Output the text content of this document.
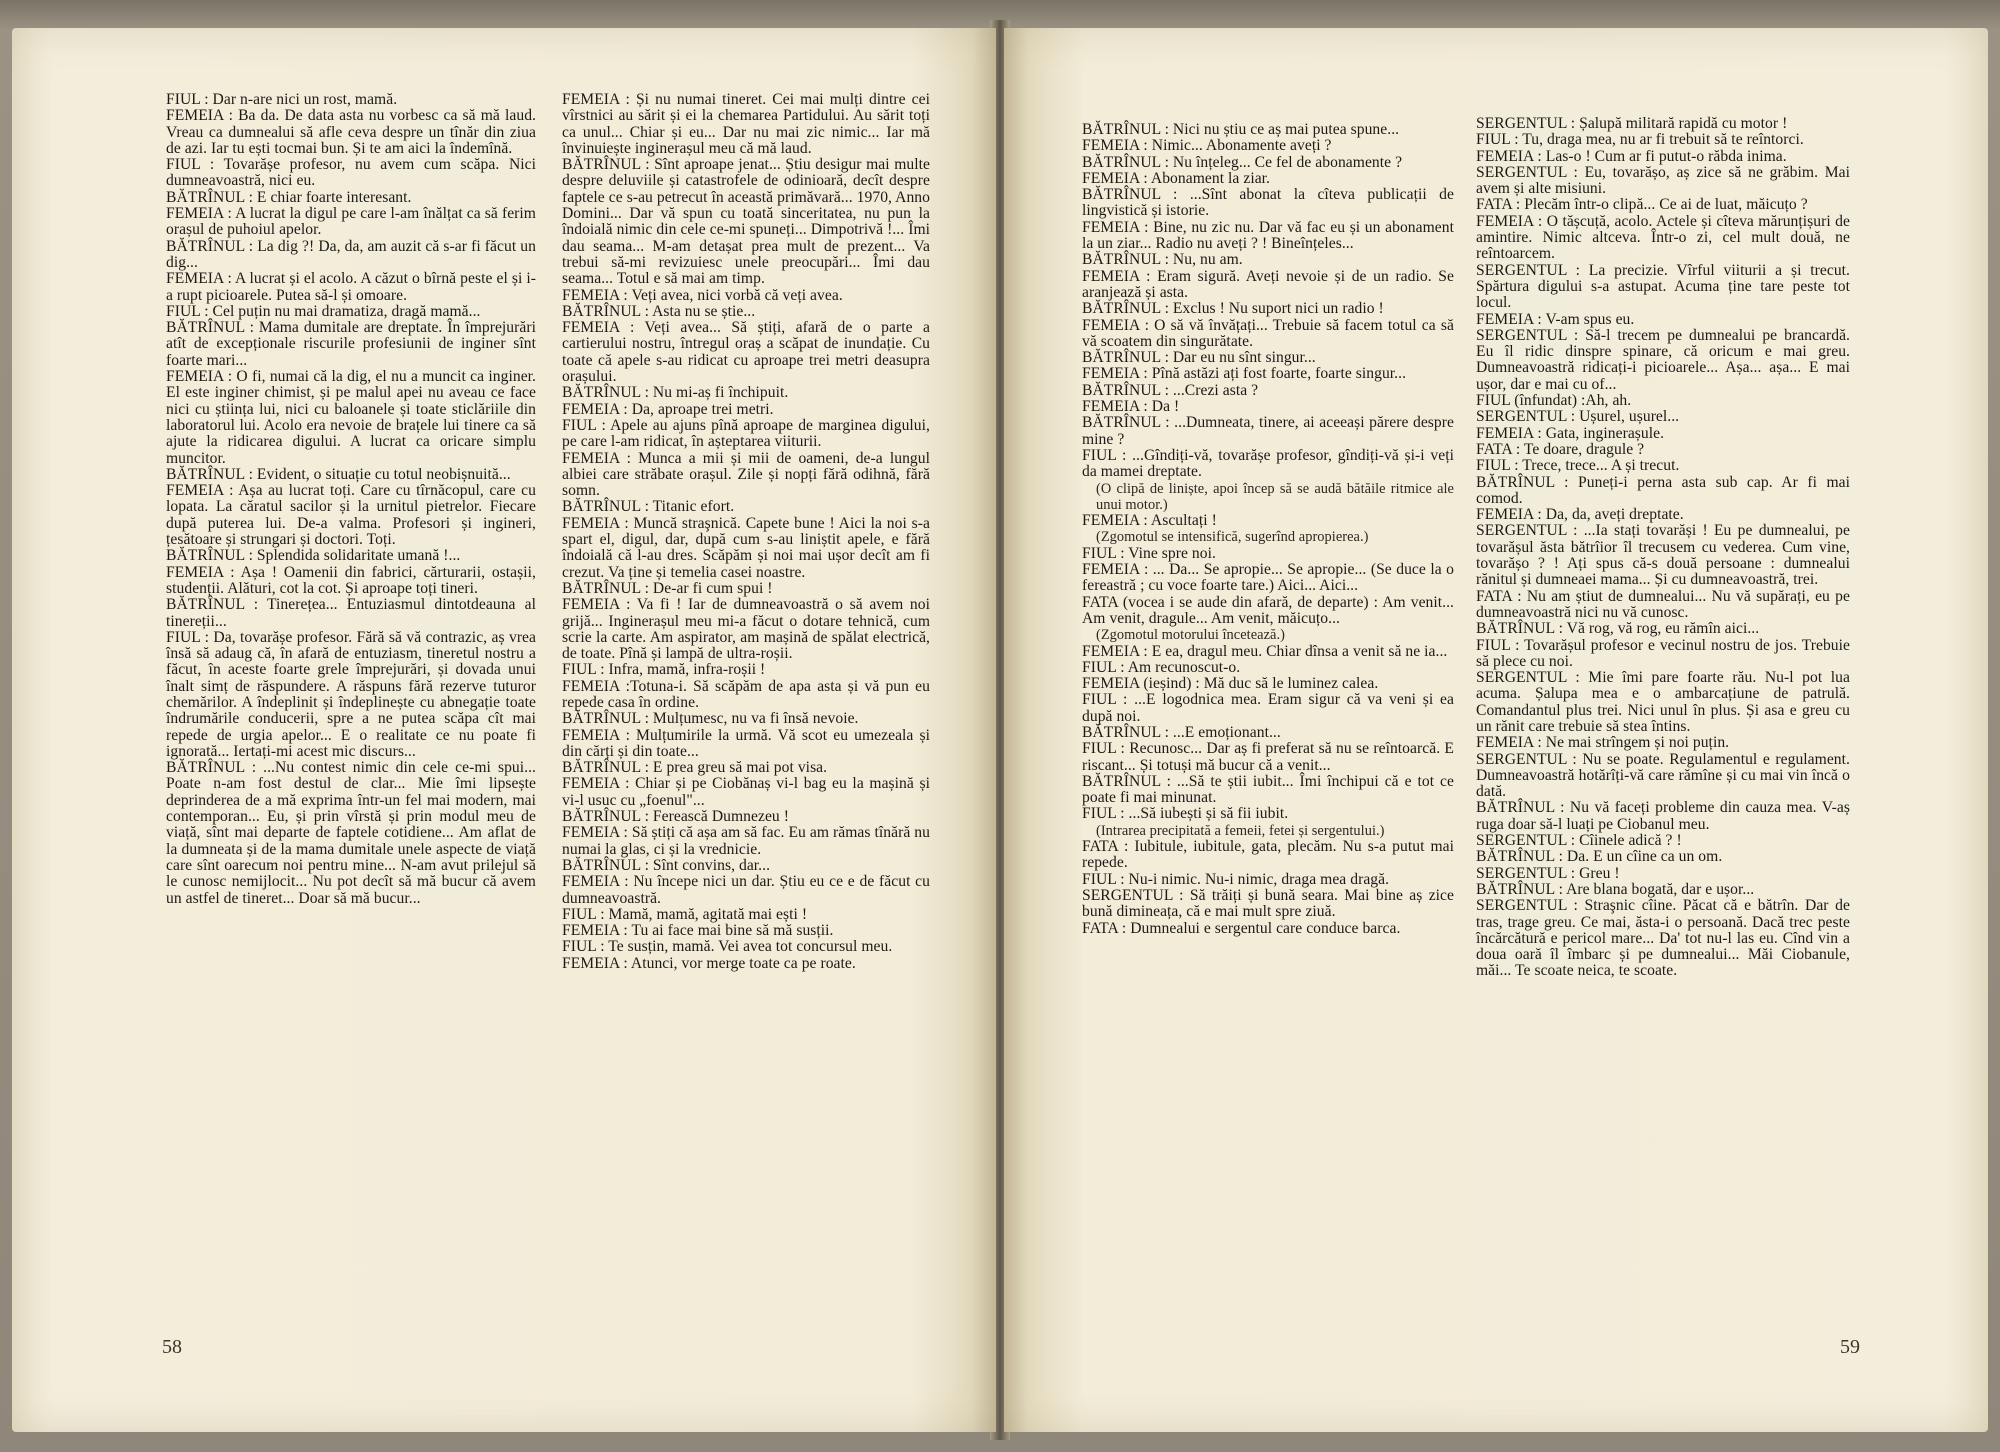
FIUL : Dar n-are nici un rost, mamă.

FEMEIA : Ba da. De data asta nu vorbesc ca să mă laud. Vreau ca dumnealui să afle ceva despre un tînăr din ziua de azi. Iar tu ești tocmai bun. Și te am aici la îndemînă.

FIUL : Tovarășe profesor, nu avem cum scăpa. Nici dumneavoastră, nici eu.

BĂTRÎNUL : E chiar foarte interesant.

FEMEIA : A lucrat la digul pe care l-am înălțat ca să ferim orașul de puhoiul apelor.

BĂTRÎNUL : La dig ?! Da, da, am auzit că s-ar fi făcut un dig...

FEMEIA : A lucrat și el acolo. A căzut o bîrnă peste el și i-a rupt picioarele. Putea să-l și omoare.

FIUL : Cel puțin nu mai dramatiza, dragă mamă...

BĂTRÎNUL : Mama dumitale are dreptate. În împrejurări atît de excepționale riscurile profesiunii de inginer sînt foarte mari...

FEMEIA : O fi, numai că la dig, el nu a muncit ca inginer. El este inginer chimist, și pe malul apei nu aveau ce face nici cu știința lui, nici cu baloanele și toate sticlăriile din laboratorul lui. Acolo era nevoie de brațele lui tinere ca să ajute la ridicarea digului. A lucrat ca oricare simplu muncitor.

BĂTRÎNUL : Evident, o situație cu totul neobișnuită...

FEMEIA : Așa au lucrat toți. Care cu tîrnăcopul, care cu lopata. La căratul sacilor și la urnitul pietrelor. Fiecare după puterea lui. De-a valma. Profesori și ingineri, țesătoare și strungari și doctori. Toți.

BĂTRÎNUL : Splendida solidaritate umană !...

FEMEIA : Așa ! Oamenii din fabrici, cărturarii, ostașii, studenții. Alături, cot la cot. Și aproape toți tineri.

BĂTRÎNUL : Tinerețea... Entuziasmul dintotdeauna al tinereții...

FIUL : Da, tovarășe profesor. Fără să vă contrazic, aș vrea însă să adaug că, în afară de entuziasm, tineretul nostru a făcut, în aceste foarte grele împrejurări, și dovada unui înalt simț de răspundere. A răspuns fără rezerve tuturor chemărilor. A îndeplinit și îndeplinește cu abnegație toate îndrumările conducerii, spre a ne putea scăpa cît mai repede de urgia apelor... E o realitate ce nu poate fi ignorată... Iertați-mi acest mic discurs...

BĂTRÎNUL : ...Nu contest nimic din cele ce-mi spui... Poate n-am fost destul de clar... Mie îmi lipsește deprinderea de a mă exprima într-un fel mai modern, mai contemporan... Eu, și prin vîrstă și prin modul meu de viață, sînt mai departe de faptele cotidiene... Am aflat de la dumneata și de la mama dumitale unele aspecte de viață care sînt oarecum noi pentru mine... N-am avut prilejul să le cunosc nemijlocit... Nu pot decît să mă bucur că avem un astfel de tineret... Doar să mă bucur...

FEMEIA : Și nu numai tineret. Cei mai mulți dintre cei vîrstnici au sărit și ei la chemarea Partidului. Au sărit toți ca unul... Chiar și eu... Dar nu mai zic nimic... Iar mă învinuiește inginerașul meu că mă laud.

BĂTRÎNUL : Sînt aproape jenat... Știu desigur mai multe despre deluviile și catastrofele de odinioară, decît despre faptele ce s-au petrecut în această primăvară... 1970, Anno Domini... Dar vă spun cu toată sinceritatea, nu pun la îndoială nimic din cele ce-mi spuneți... Dimpotrivă !... Îmi dau seama... M-am detașat prea mult de prezent... Va trebui să-mi revizuiesc unele preocupări... Îmi dau seama... Totul e să mai am timp.

FEMEIA : Veți avea, nici vorbă că veți avea.

BĂTRÎNUL : Asta nu se știe...

FEMEIA : Veți avea... Să știți, afară de o parte a cartierului nostru, întregul oraș a scăpat de inundație. Cu toate că apele s-au ridicat cu aproape trei metri deasupra orașului.

BĂTRÎNUL : Nu mi-aș fi închipuit.

FEMEIA : Da, aproape trei metri.

FIUL : Apele au ajuns pînă aproape de marginea digului, pe care l-am ridicat, în așteptarea viiturii.

FEMEIA : Munca a mii și mii de oameni, de-a lungul albiei care străbate orașul. Zile și nopți fără odihnă, fără somn.

BĂTRÎNUL : Titanic efort.

FEMEIA : Muncă straşnică. Capete bune ! Aici la noi s-a spart el, digul, dar, după cum s-au liniștit apele, e fără îndoială că l-au dres. Scăpăm și noi mai ușor decît am fi crezut. Va ține și temelia casei noastre.

BĂTRÎNUL : De-ar fi cum spui !

FEMEIA : Va fi ! Iar de dumneavoastră o să avem noi grijă... Inginerașul meu mi-a făcut o dotare tehnică, cum scrie la carte. Am aspirator, am mașină de spălat electrică, de toate. Pînă și lampă de ultra-roșii.

FIUL : Infra, mamă, infra-roșii !

FEMEIA :Totuna-i. Să scăpăm de apa asta și vă pun eu repede casa în ordine.

BĂTRÎNUL : Mulțumesc, nu va fi însă nevoie.

FEMEIA : Mulțumirile la urmă. Vă scot eu umezeala și din cărți și din toate...

BĂTRÎNUL : E prea greu să mai pot visa.

FEMEIA : Chiar și pe Ciobănaș vi-l bag eu la mașină și vi-l usuc cu „foenul"...

BĂTRÎNUL : Ferească Dumnezeu !

FEMEIA : Să știți că așa am să fac. Eu am rămas tînără nu numai la glas, ci și la vrednicie.

BĂTRÎNUL : Sînt convins, dar...

FEMEIA : Nu începe nici un dar. Știu eu ce e de făcut cu dumneavoastră.

FIUL : Mamă, mamă, agitată mai ești !

FEMEIA : Tu ai face mai bine să mă susții.

FIUL : Te susțin, mamă. Vei avea tot concursul meu.

FEMEIA : Atunci, vor merge toate ca pe roate.

BĂTRÎNUL : Nici nu știu ce aș mai putea spune...

FEMEIA : Nimic... Abonamente aveți ?

BĂTRÎNUL : Nu înțeleg... Ce fel de abonamente ?

FEMEIA : Abonament la ziar.

BĂTRÎNUL : ...Sînt abonat la cîteva publicații de lingvistică și istorie.

FEMEIA : Bine, nu zic nu. Dar vă fac eu și un abonament la un ziar... Radio nu aveți ? ! Bineînțeles...

BĂTRÎNUL : Nu, nu am.

FEMEIA : Eram sigură. Aveți nevoie și de un radio. Se aranjează și asta.

BĂTRÎNUL : Exclus ! Nu suport nici un radio !

FEMEIA : O să vă învățați... Trebuie să facem totul ca să vă scoatem din singurătate.

BĂTRÎNUL : Dar eu nu sînt singur...

FEMEIA : Pînă astăzi ați fost foarte, foarte singur...

BĂTRÎNUL : ...Crezi asta ?

FEMEIA : Da !

BĂTRÎNUL : ...Dumneata, tinere, ai aceeași părere despre mine ?

FIUL : ...Gîndiți-vă, tovarășe profesor, gîndiți-vă și-i veți da mamei dreptate.

(O clipă de liniște, apoi încep să se audă bătăile ritmice ale unui motor.)

FEMEIA : Ascultați !

(Zgomotul se intensifică, sugerînd apropierea.)

FIUL : Vine spre noi.

FEMEIA : ... Da... Se apropie... Se apropie... (Se duce la o fereastră ; cu voce foarte tare.) Aici... Aici...

FATA (vocea i se aude din afară, de departe) : Am venit... Am venit, dragule... Am venit, măicuțo...

(Zgomotul motorului încetează.)

FEMEIA : E ea, dragul meu. Chiar dînsa a venit să ne ia...

FIUL : Am recunoscut-o.

FEMEIA (ieșind) : Mă duc să le luminez calea.

FIUL : ...E logodnica mea. Eram sigur că va veni și ea după noi.

BĂTRÎNUL : ...E emoționant...

FIUL : Recunosc... Dar aș fi preferat să nu se reîntoarcă. E riscant... Și totuși mă bucur că a venit...

BĂTRÎNUL : ...Să te știi iubit... Îmi închipui că e tot ce poate fi mai minunat.

FIUL : ...Să iubești și să fii iubit.

(Intrarea precipitată a femeii, fetei și sergentului.)

FATA : Iubitule, iubitule, gata, plecăm. Nu s-a putut mai repede.

FIUL : Nu-i nimic. Nu-i nimic, draga mea dragă.

SERGENTUL : Să trăiți și bună seara. Mai bine aș zice bună dimineața, că e mai mult spre ziuă.

FATA : Dumnealui e sergentul care conduce barca.

SERGENTUL : Șalupă militară rapidă cu motor !

FIUL : Tu, draga mea, nu ar fi trebuit să te reîntorci.

FEMEIA : Las-o ! Cum ar fi putut-o răbda inima.

SERGENTUL : Eu, tovarășo, aș zice să ne grăbim. Mai avem și alte misiuni.

FATA : Plecăm într-o clipă... Ce ai de luat, măicuțo ?

FEMEIA : O tășcuță, acolo. Actele și cîteva mărunțișuri de amintire. Nimic altceva. Într-o zi, cel mult două, ne reîntoarcem.

SERGENTUL : La precizie. Vîrful viiturii a și trecut. Spărtura digului s-a astupat. Acuma ține tare peste tot locul.

FEMEIA : V-am spus eu.

SERGENTUL : Să-l trecem pe dumnealui pe brancardă. Eu îl ridic dinspre spinare, că oricum e mai greu. Dumneavoastră ridicați-i picioarele... Așa... așa... E mai ușor, dar e mai cu of...

FIUL (înfundat) :Ah, ah.

SERGENTUL : Ușurel, ușurel...

FEMEIA : Gata, inginerașule.

FATA : Te doare, dragule ?

FIUL : Trece, trece... A și trecut.

BĂTRÎNUL : Puneți-i perna asta sub cap. Ar fi mai comod.

FEMEIA : Da, da, aveți dreptate.

SERGENTUL : ...Ia stați tovarăși ! Eu pe dumnealui, pe tovarășul ăsta bătrîior îl trecusem cu vederea. Cum vine, tovarășo ? ! Ați spus că-s două persoane : dumnealui rănitul și dumneaei mama... Și cu dumneavoastră, trei.

FATA : Nu am știut de dumnealui... Nu vă supărați, eu pe dumneavoastră nici nu vă cunosc.

BĂTRÎNUL : Vă rog, vă rog, eu rămîn aici...

FIUL : Tovarășul profesor e vecinul nostru de jos. Trebuie să plece cu noi.

SERGENTUL : Mie îmi pare foarte rău. Nu-l pot lua acuma. Șalupa mea e o ambarcațiune de patrulă. Comandantul plus trei. Nici unul în plus. Și asa e greu cu un rănit care trebuie să stea întins.

FEMEIA : Ne mai strîngem și noi puțin.

SERGENTUL : Nu se poate. Regulamentul e regulament. Dumneavoastră hotărîți-vă care rămîne și cu mai vin încă o dată.

BĂTRÎNUL : Nu vă faceți probleme din cauza mea. V-aș ruga doar să-l luați pe Ciobanul meu.

SERGENTUL : Cîinele adică ? !

BĂTRÎNUL : Da. E un cîine ca un om.

SERGENTUL : Greu !

BĂTRÎNUL : Are blana bogată, dar e ușor...

SERGENTUL : Straşnic cîine. Păcat că e bătrîn. Dar de tras, trage greu. Ce mai, ăsta-i o persoană. Dacă trec peste încărcătură e pericol mare... Da' tot nu-l las eu. Cînd vin a doua oară îl îmbarc și pe dumnealui... Măi Ciobanule, măi... Te scoate neica, te scoate.

58	59
